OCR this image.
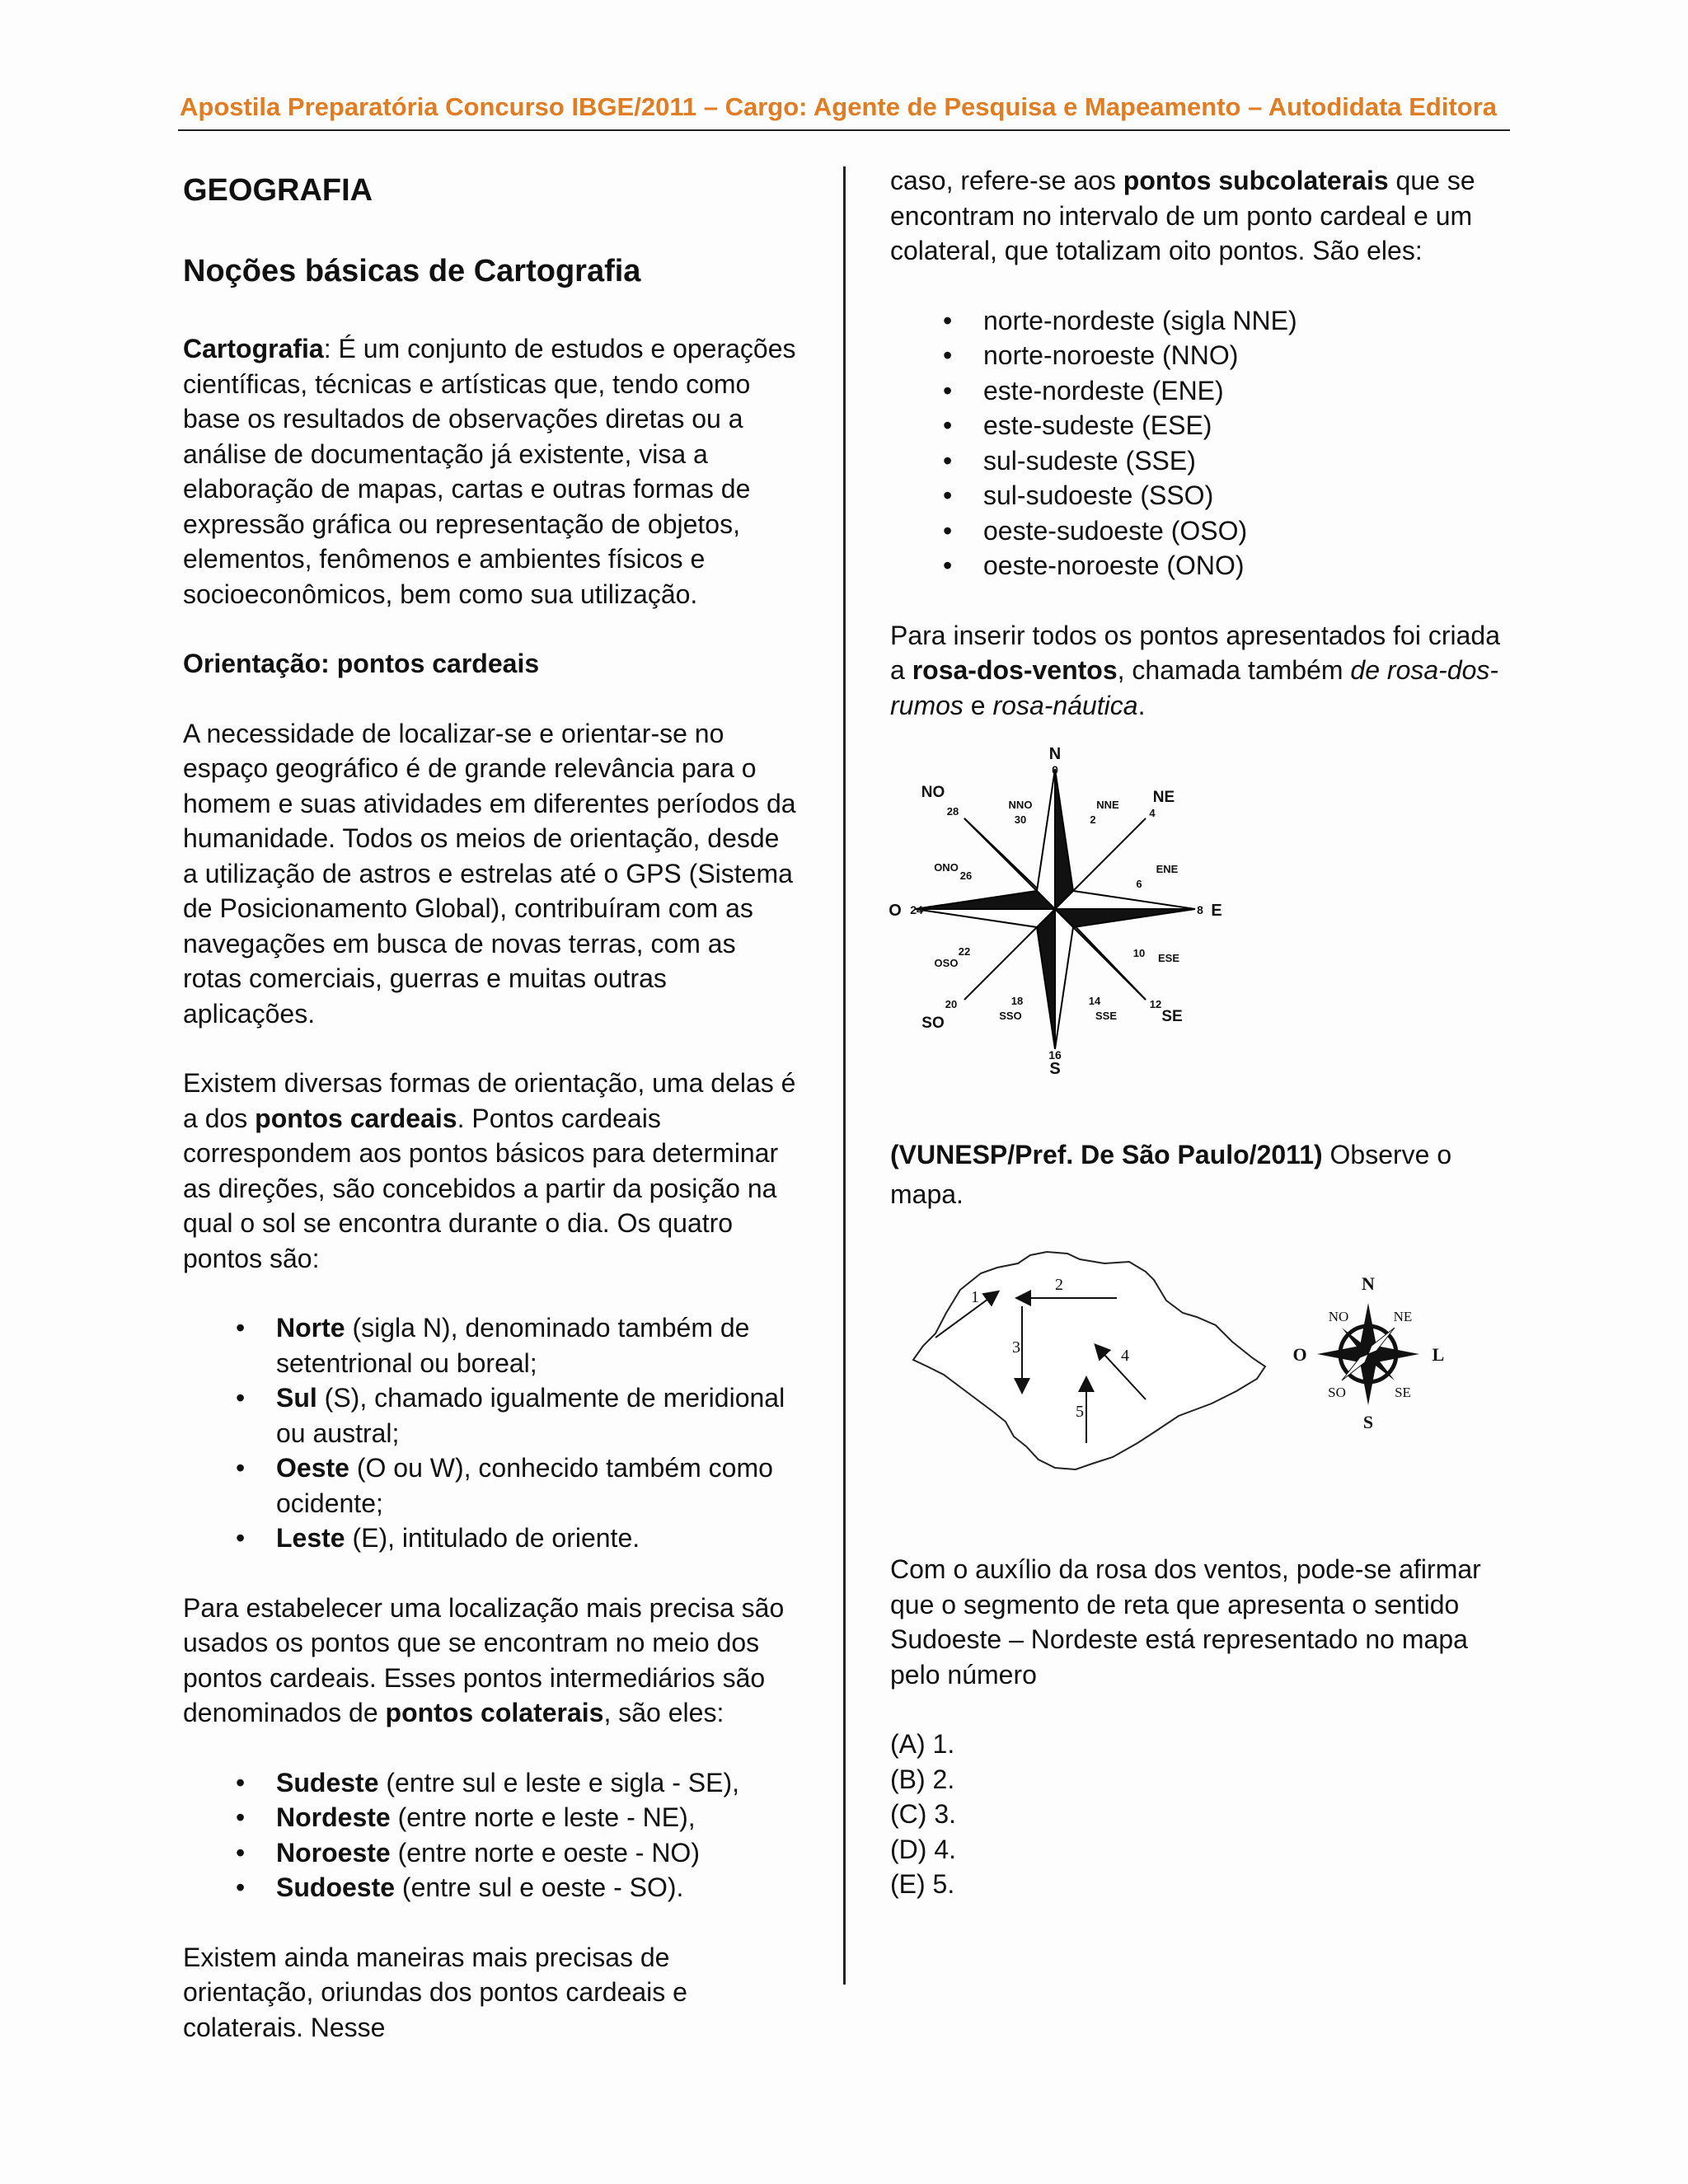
Apostila Preparatória Concurso IBGE/2011 – Cargo: Agente de Pesquisa e Mapeamento – Autodidata Editora
GEOGRAFIA
Noções básicas de Cartografia

Cartografia: É um conjunto de estudos e operações científicas, técnicas e artísticas que, tendo como base os resultados de observações diretas ou a análise de documentação já existente, visa a elaboração de mapas, cartas e outras formas de expressão gráfica ou representação de objetos, elementos, fenômenos e ambientes físicos e socioeconômicos, bem como sua utilização.

Orientação: pontos cardeais

A necessidade de localizar-se e orientar-se no espaço geográfico é de grande relevância para o homem e suas atividades em diferentes períodos da humanidade. Todos os meios de orientação, desde a utilização de astros e estrelas até o GPS (Sistema de Posicionamento Global), contribuíram com as navegações em busca de novas terras, com as rotas comerciais, guerras e muitas outras aplicações.

Existem diversas formas de orientação, uma delas é a dos pontos cardeais. Pontos cardeais correspondem aos pontos básicos para determinar as direções, são concebidos a partir da posição na qual o sol se encontra durante o dia. Os quatro pontos são:

• Norte (sigla N), denominado também de setentrional ou boreal;
• Sul (S), chamado igualmente de meridional ou austral;
• Oeste (O ou W), conhecido também como ocidente;
• Leste (E), intitulado de oriente.

Para estabelecer uma localização mais precisa são usados os pontos que se encontram no meio dos pontos cardeais. Esses pontos intermediários são denominados de pontos colaterais, são eles:

• Sudeste (entre sul e leste e sigla - SE),
• Nordeste (entre norte e leste - NE),
• Noroeste (entre norte e oeste - NO)
• Sudoeste (entre sul e oeste - SO).

Existem ainda maneiras mais precisas de orientação, oriundas dos pontos cardeais e colaterais. Nesse

caso, refere-se aos pontos subcolaterais que se encontram no intervalo de um ponto cardeal e um colateral, que totalizam oito pontos. São eles:

• norte-nordeste (sigla NNE)
• norte-noroeste (NNO)
• este-nordeste (ENE)
• este-sudeste (ESE)
• sul-sudeste (SSE)
• sul-sudoeste (SSO)
• oeste-sudoeste (OSO)
• oeste-noroeste (ONO)

Para inserir todos os pontos apresentados foi criada a rosa-dos-ventos, chamada também de rosa-dos-rumos e rosa-náutica.

N
0
16
S
8 E
O 24
NO
28
NE
4
SO
20
SE
12
NNO
30
NNE
2
ENE
6
ESE
10
ONO
26
OSO
22
SSO
18
SSE
14

(VUNESP/Pref. De São Paulo/2011) Observe o mapa.

1
2
3	4
5
N
S
L
O
NO	NE
SO	SE

Com o auxílio da rosa dos ventos, pode-se afirmar que o segmento de reta que apresenta o sentido Sudoeste – Nordeste está representado no mapa pelo número

(A) 1.

(B) 2.

(C) 3.

(D) 4.

(E) 5.
